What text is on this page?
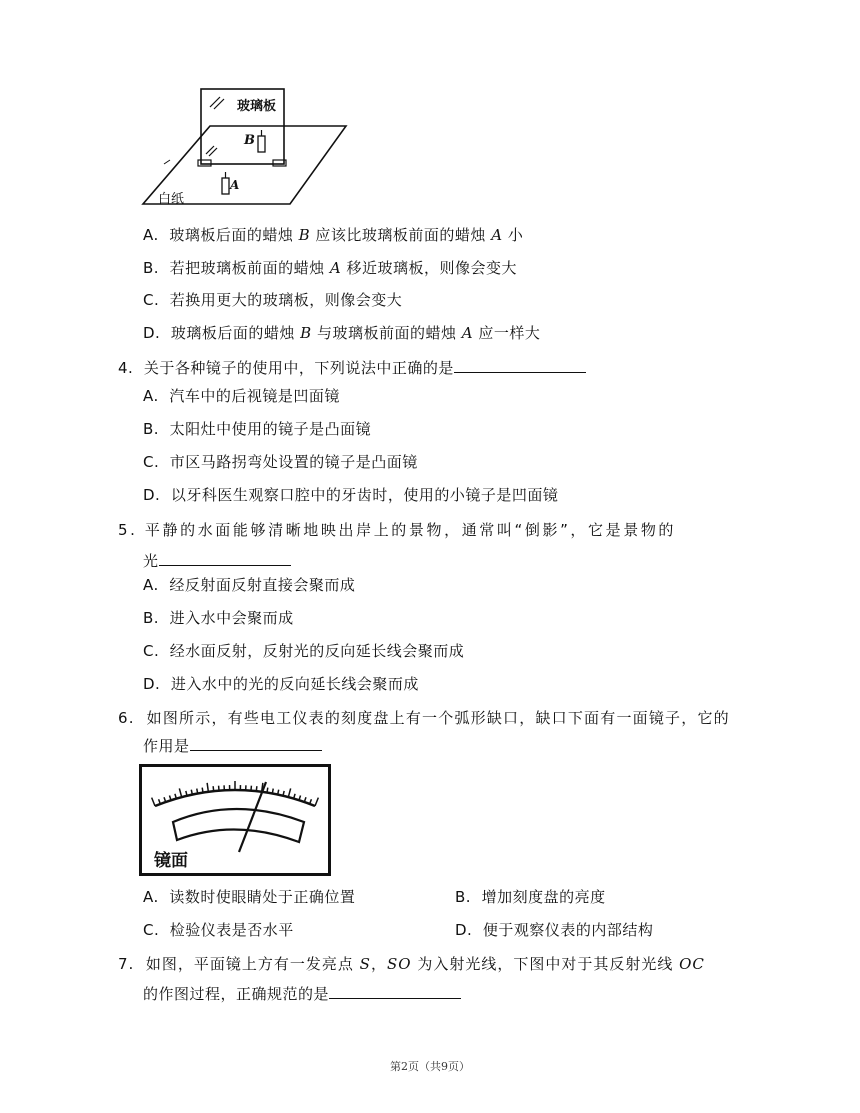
玻璃板
B
A
白纸
A. 玻璃板后面的蜡烛 B 应该比玻璃板前面的蜡烛 A 小
B. 若把玻璃板前面的蜡烛 A 移近玻璃板，则像会变大
C. 若换用更大的玻璃板，则像会变大
D. 玻璃板后面的蜡烛 B 与玻璃板前面的蜡烛 A 应一样大
4. 关于各种镜子的使用中，下列说法中正确的是
A. 汽车中的后视镜是凹面镜
B. 太阳灶中使用的镜子是凸面镜
C. 市区马路拐弯处设置的镜子是凸面镜
D. 以牙科医生观察口腔中的牙齿时，使用的小镜子是凹面镜
5. 平静的水面能够清晰地映出岸上的景物，通常叫“倒影”，它是景物的
光
A. 经反射面反射直接会聚而成
B. 进入水中会聚而成
C. 经水面反射，反射光的反向延长线会聚而成
D. 进入水中的光的反向延长线会聚而成
6. 如图所示，有些电工仪表的刻度盘上有一个弧形缺口，缺口下面有一面镜子，它的
作用是
镜面
A. 读数时使眼睛处于正确位置	B. 增加刻度盘的亮度
C. 检验仪表是否水平	D. 便于观察仪表的内部结构
7. 如图，平面镜上方有一发亮点 S，SO 为入射光线，下图中对于其反射光线 OC
的作图过程，正确规范的是
第2页（共9页）
